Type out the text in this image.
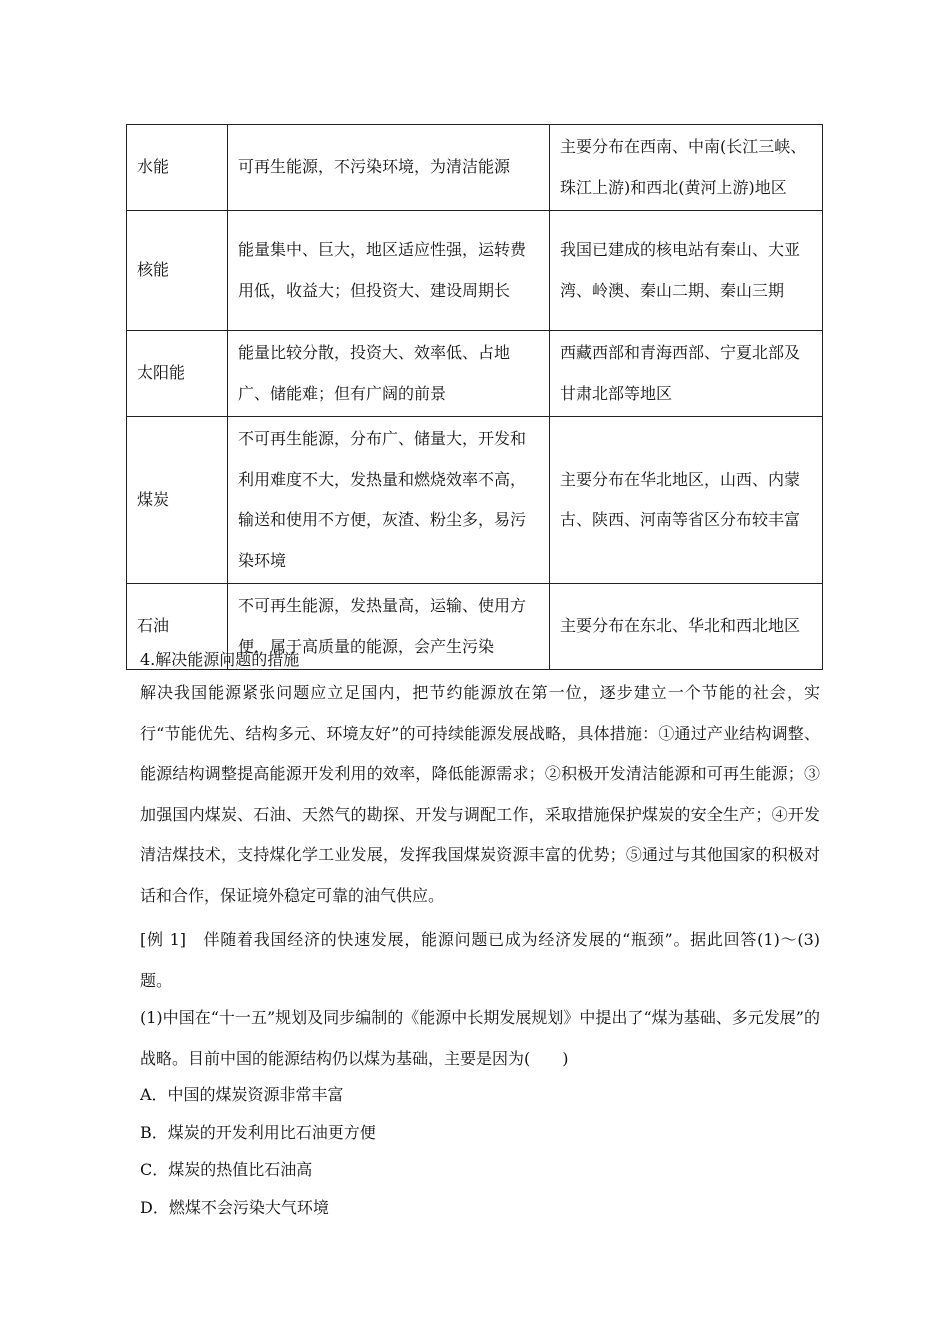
水能	可再生能源，不污染环境，为清洁能源	主要分布在西南、中南(长江三峡、珠江上游)和西北(黄河上游)地区
核能	能量集中、巨大，地区适应性强，运转费用低，收益大；但投资大、建设周期长	我国已建成的核电站有秦山、大亚湾、岭澳、秦山二期、秦山三期
太阳能	能量比较分散，投资大、效率低、占地广、储能难；但有广阔的前景	西藏西部和青海西部、宁夏北部及甘肃北部等地区
煤炭	不可再生能源，分布广、储量大，开发和利用难度不大，发热量和燃烧效率不高，输送和使用不方便，灰渣、粉尘多，易污染环境	主要分布在华北地区，山西、内蒙古、陕西、河南等省区分布较丰富
石油	不可再生能源，发热量高，运输、使用方便，属于高质量的能源，会产生污染	主要分布在东北、华北和西北地区
4.解决能源问题的措施
解决我国能源紧张问题应立足国内，把节约能源放在第一位，逐步建立一个节能的社会，实行“节能优先、结构多元、环境友好”的可持续能源发展战略，具体措施：①通过产业结构调整、能源结构调整提高能源开发利用的效率，降低能源需求；②积极开发清洁能源和可再生能源；③加强国内煤炭、石油、天然气的勘探、开发与调配工作，采取措施保护煤炭的安全生产；④开发清洁煤技术，支持煤化学工业发展，发挥我国煤炭资源丰富的优势；⑤通过与其他国家的积极对话和合作，保证境外稳定可靠的油气供应。
[例 1]　伴随着我国经济的快速发展，能源问题已成为经济发展的“瓶颈”。据此回答(1)～(3)题。
(1)中国在“十一五”规划及同步编制的《能源中长期发展规划》中提出了“煤为基础、多元发展”的战略。目前中国的能源结构仍以煤为基础，主要是因为(　　)
A．中国的煤炭资源非常丰富
B．煤炭的开发利用比石油更方便
C．煤炭的热值比石油高
D．燃煤不会污染大气环境
